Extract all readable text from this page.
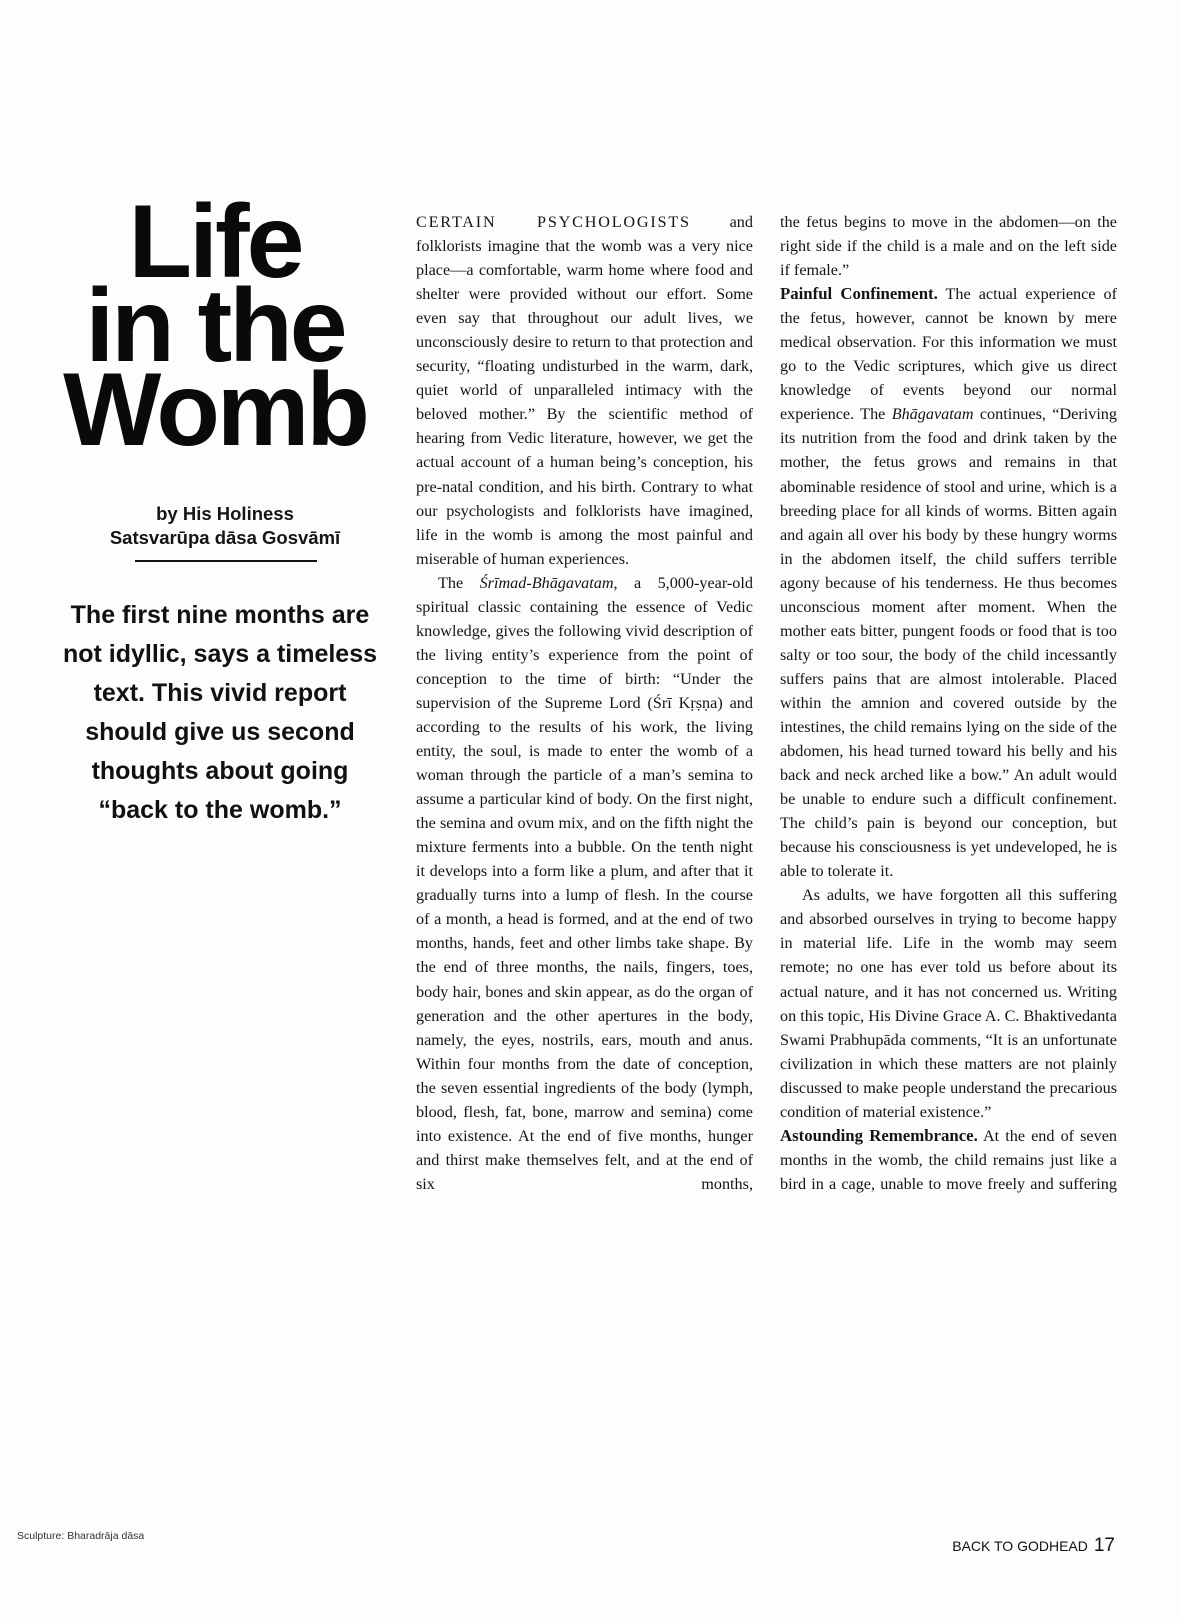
Life
in the
Womb
by His Holiness
Satsvarūpa dāsa Gosvāmī
The first nine months are
not idyllic, says a timeless
text. This vivid report
should give us second
thoughts about going
“back to the womb.”

CERTAIN PSYCHOLOGISTS and folklorists imagine that the womb was a very nice place—a comfortable, warm home where food and shelter were provided without our effort. Some even say that throughout our adult lives, we unconsciously desire to return to that protection and security, “floating undisturbed in the warm, dark, quiet world of unparalleled intimacy with the beloved mother.” By the scientific method of hearing from Vedic literature, however, we get the actual account of a human being’s conception, his pre-natal condition, and his birth. Contrary to what our psychologists and folklorists have imagined, life in the womb is among the most painful and miserable of human experiences.

The Śrīmad-Bhāgavatam, a 5,000-year-old spiritual classic containing the essence of Vedic knowledge, gives the following vivid description of the living entity’s experience from the point of conception to the time of birth: “Under the supervision of the Supreme Lord (Śrī Kṛṣṇa) and according to the results of his work, the living entity, the soul, is made to enter the womb of a woman through the particle of a man’s semina to assume a particular kind of body. On the first night, the semina and ovum mix, and on the fifth night the mixture ferments into a bubble. On the tenth night it develops into a form like a plum, and after that it gradually turns into a lump of flesh. In the course of a month, a head is formed, and at the end of two months, hands, feet and other limbs take shape. By the end of three months, the nails, fingers, toes, body hair, bones and skin appear, as do the organ of generation and the other apertures in the body, namely, the eyes, nostrils, ears, mouth and anus. Within four months from the date of conception, the seven essential ingredients of the body (lymph, blood, flesh, fat, bone, marrow and semina) come into existence. At the end of five months, hunger and thirst make themselves felt, and at the end of six months,

the fetus begins to move in the abdomen—on the right side if the child is a male and on the left side if female.”

Painful Confinement. The actual experience of the fetus, however, cannot be known by mere medical observation. For this information we must go to the Vedic scriptures, which give us direct knowledge of events beyond our normal experience. The Bhāgavatam continues, “Deriving its nutrition from the food and drink taken by the mother, the fetus grows and remains in that abominable residence of stool and urine, which is a breeding place for all kinds of worms. Bitten again and again all over his body by these hungry worms in the abdomen itself, the child suffers terrible agony because of his tenderness. He thus becomes unconscious moment after moment. When the mother eats bitter, pungent foods or food that is too salty or too sour, the body of the child incessantly suffers pains that are almost intolerable. Placed within the amnion and covered outside by the intestines, the child remains lying on the side of the abdomen, his head turned toward his belly and his back and neck arched like a bow.” An adult would be unable to endure such a difficult confinement. The child’s pain is beyond our conception, but because his consciousness is yet undeveloped, he is able to tolerate it.

As adults, we have forgotten all this suffering and absorbed ourselves in trying to become happy in material life. Life in the womb may seem remote; no one has ever told us before about its actual nature, and it has not concerned us. Writing on this topic, His Divine Grace A. C. Bhaktivedanta Swami Prabhupāda comments, “It is an unfortunate civilization in which these matters are not plainly discussed to make people understand the precarious condition of material existence.”

Astounding Remembrance. At the end of seven months in the womb, the child remains just like a bird in a cage, unable to move freely and suffering

Sculpture: Bharadrāja dāsa
BACK TO GODHEAD 17
